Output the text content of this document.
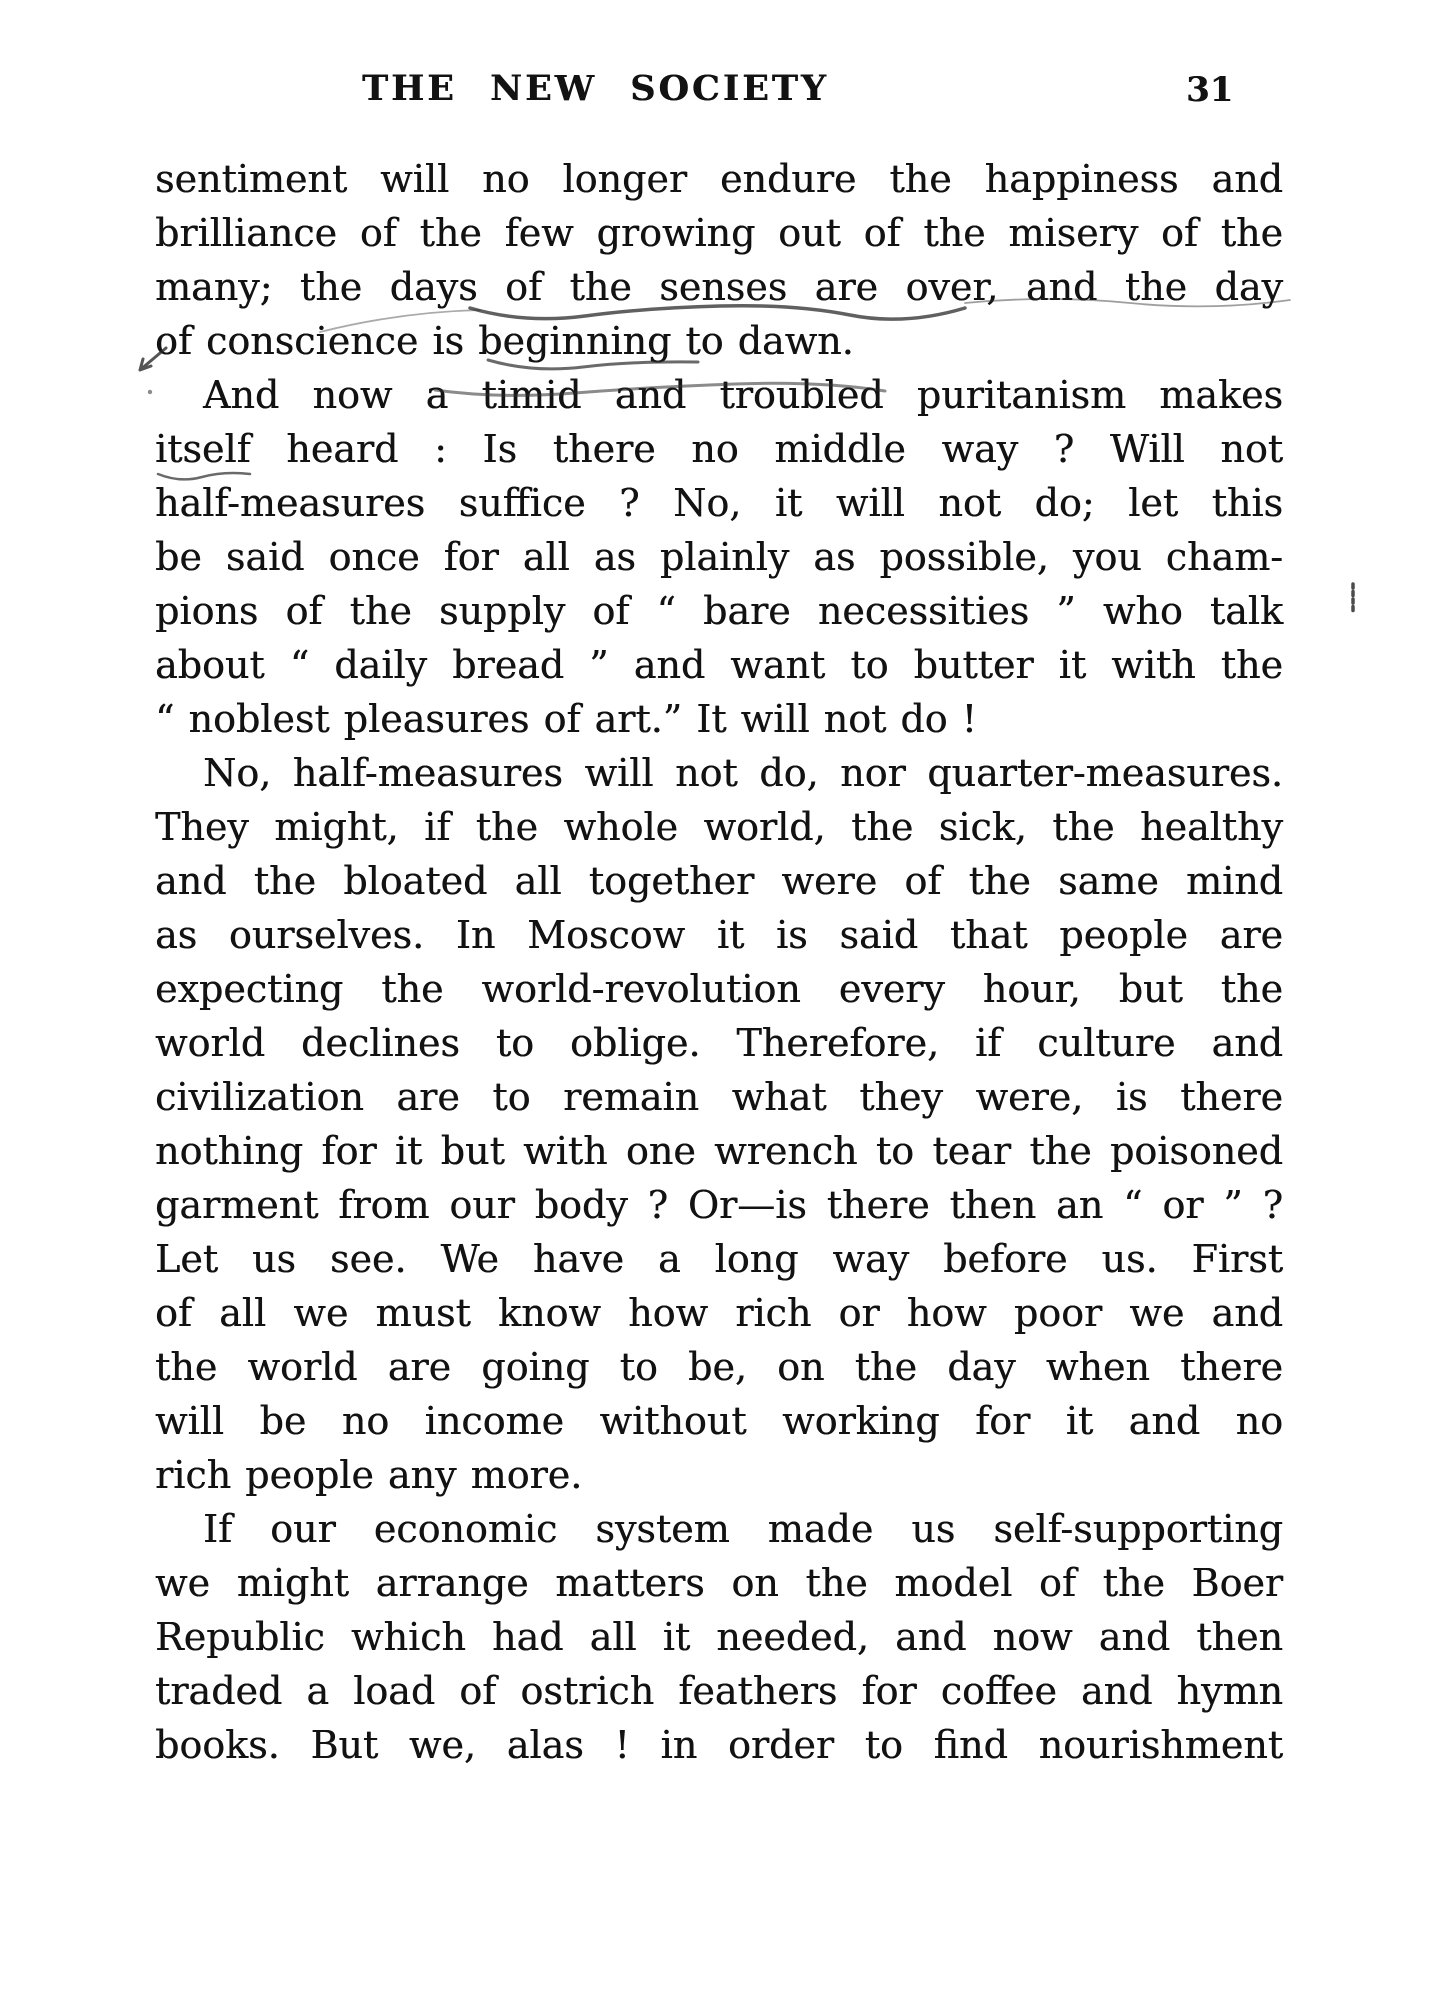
THE NEW SOCIETY	31
sentiment will no longer endure the happiness and
brilliance of the few growing out of the misery of the
many; the days of the senses are over, and the day
of conscience is beginning to dawn.
And now a timid and troubled puritanism makes
itself heard : Is there no middle way ? Will not
half-measures suffice ? No, it will not do; let this
be said once for all as plainly as possible, you cham-
pions of the supply of “ bare necessities ” who talk
about “ daily bread ” and want to butter it with the
“ noblest pleasures of art.” It will not do !
No, half-measures will not do, nor quarter-measures.
They might, if the whole world, the sick, the healthy
and the bloated all together were of the same mind
as ourselves. In Moscow it is said that people are
expecting the world-revolution every hour, but the
world declines to oblige. Therefore, if culture and
civilization are to remain what they were, is there
nothing for it but with one wrench to tear the poisoned
garment from our body ? Or—is there then an “ or ” ?
Let us see. We have a long way before us. First
of all we must know how rich or how poor we and
the world are going to be, on the day when there
will be no income without working for it and no
rich people any more.
If our economic system made us self-supporting
we might arrange matters on the model of the Boer
Republic which had all it needed, and now and then
traded a load of ostrich feathers for coffee and hymn
books. But we, alas ! in order to find nourishment
